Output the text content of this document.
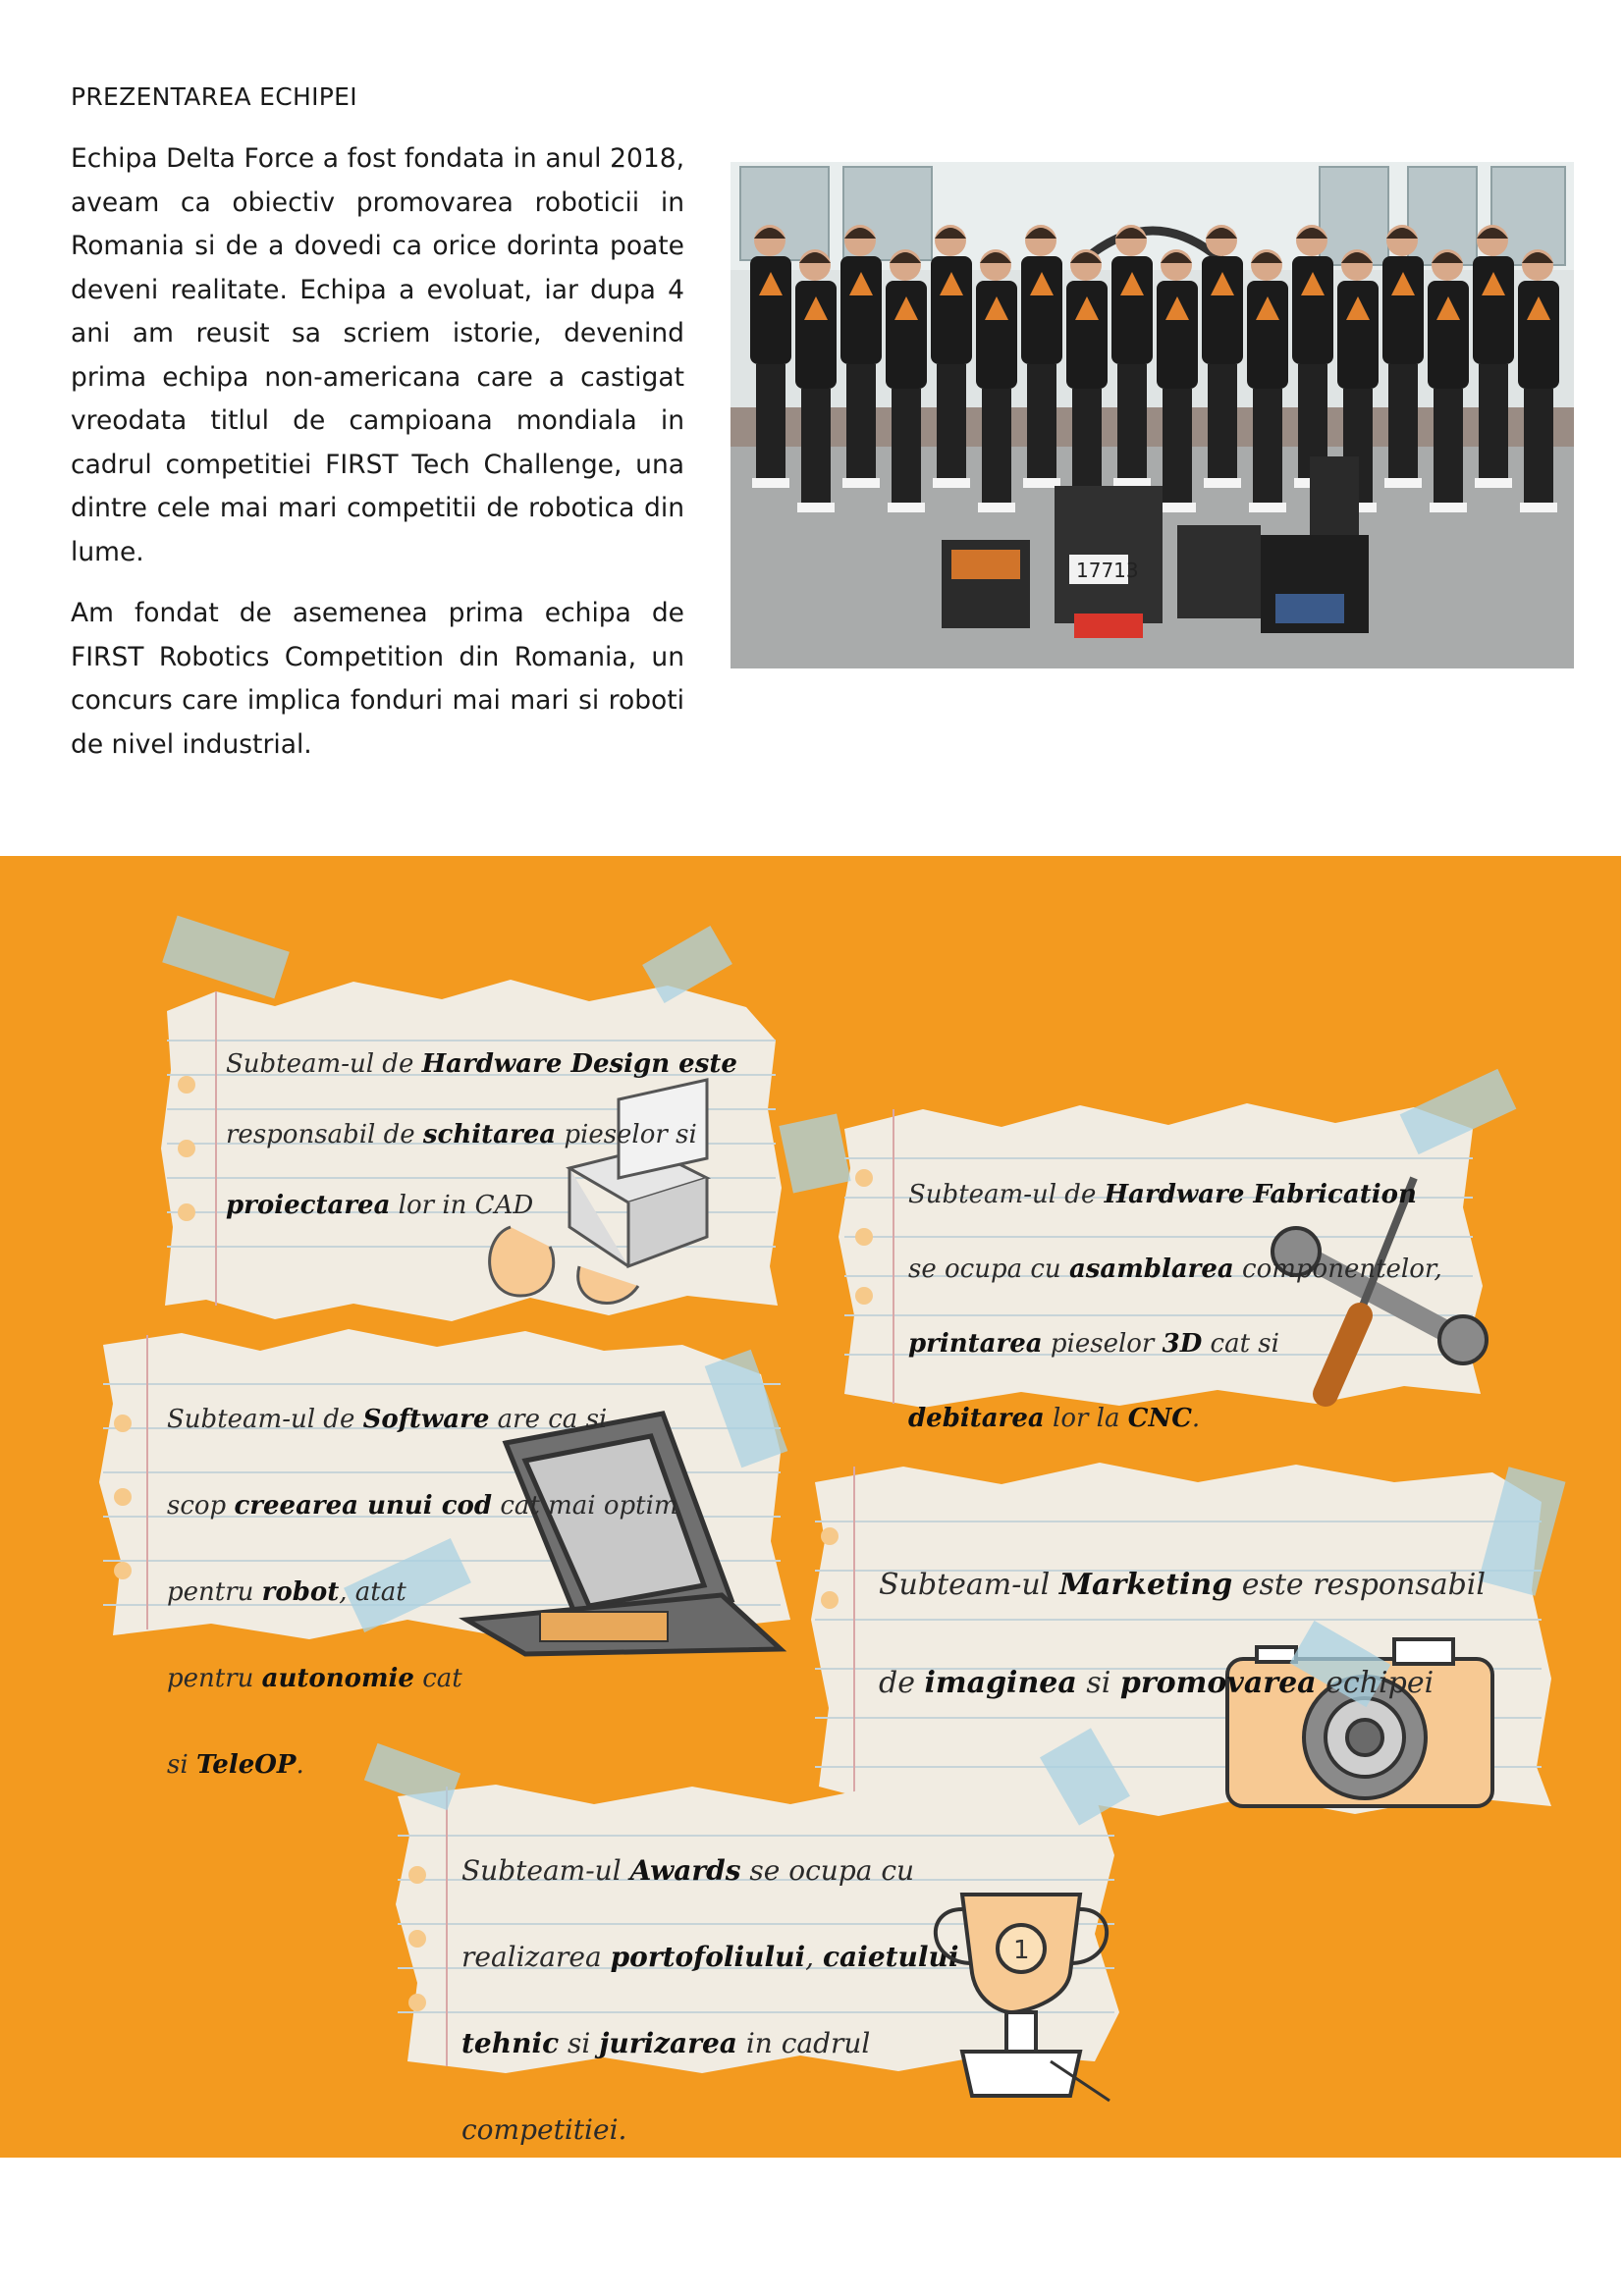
PREZENTAREA ECHIPEI

Echipa Delta Force a fost fondata in anul 2018, aveam ca obiectiv promovarea roboticii in Romania si de a dovedi ca orice dorinta poate deveni realitate. Echipa a evoluat, iar dupa 4 ani am reusit sa scriem istorie, devenind prima echipa non-americana care a castigat vreodata titlul de campioana mondiala in cadrul competitiei FIRST Tech Challenge, una dintre cele mai mari competitii de robotica din lume.

Am fondat de asemenea prima echipa de FIRST Robotics Competition din Romania, un concurs care implica fonduri mai mari si roboti de nivel industrial.

17713

Subteam-ul de Hardware Design este

responsabil de schitarea pieselor si

proiectarea lor in CAD	Subteam-ul de Hardware Fabrication

se ocupa cu asamblarea componentelor,

printarea pieselor 3D cat si

debitarea lor la CNC.

Subteam-ul de Software are ca si

scop creearea unui cod cat mai optim

pentru robot, atat

pentru autonomie cat

si TeleOP.

Subteam-ul Marketing este responsabil

de imaginea si promovarea echipei

Subteam-ul Awards se ocupa cu

realizarea portofoliului, caietului

tehnic si jurizarea in cadrul

competitiei.

1
